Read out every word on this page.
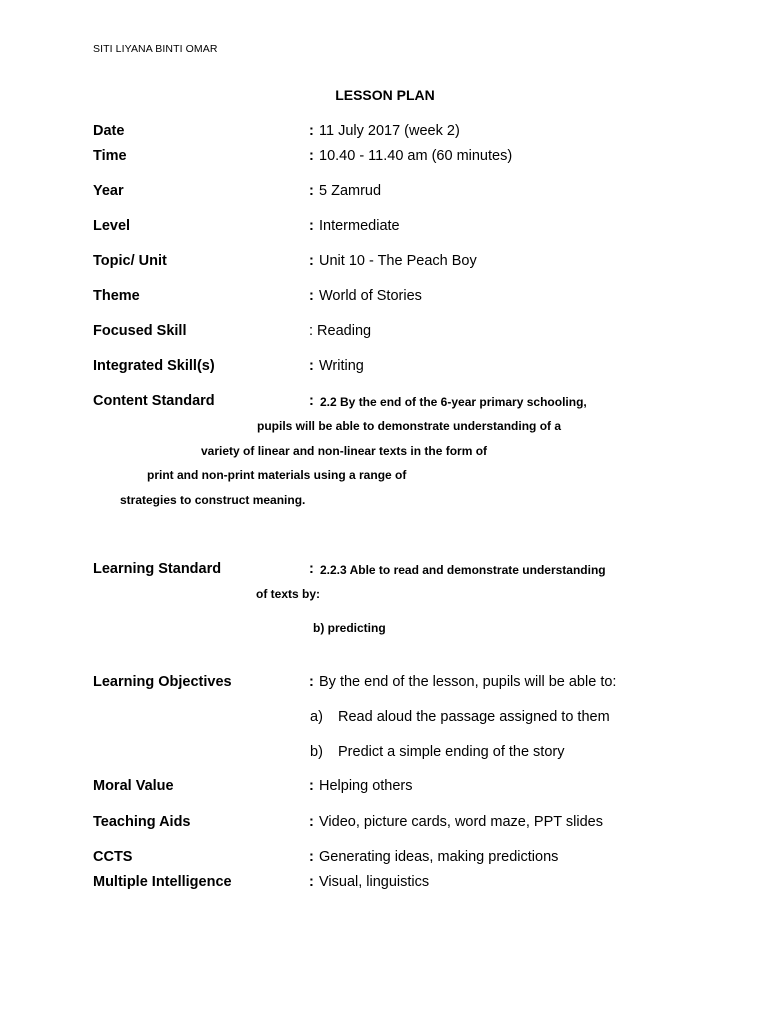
SITI LIYANA BINTI OMAR
LESSON PLAN
Date	: 11 July 2017 (week 2)
Time	: 10.40 - 11.40 am (60 minutes)
Year	: 5 Zamrud
Level	: Intermediate
Topic/ Unit	: Unit 10 - The Peach Boy
Theme	: World of Stories
Focused Skill	: Reading
Integrated Skill(s)	: Writing
Content Standard	: 2.2 By the end of the 6-year primary schooling,
pupils will be able to demonstrate understanding of a
variety of linear and non-linear texts in the form of
print and non-print materials using a range of
strategies to construct meaning.
Learning Standard	: 2.2.3 Able to read and demonstrate understanding
of texts by:
b) predicting
Learning Objectives	: By the end of the lesson, pupils will be able to:
a) Read aloud the passage assigned to them
b) Predict a simple ending of the story
Moral Value	: Helping others
Teaching Aids	: Video, picture cards, word maze, PPT slides
CCTS	: Generating ideas, making predictions
Multiple Intelligence	: Visual, linguistics
